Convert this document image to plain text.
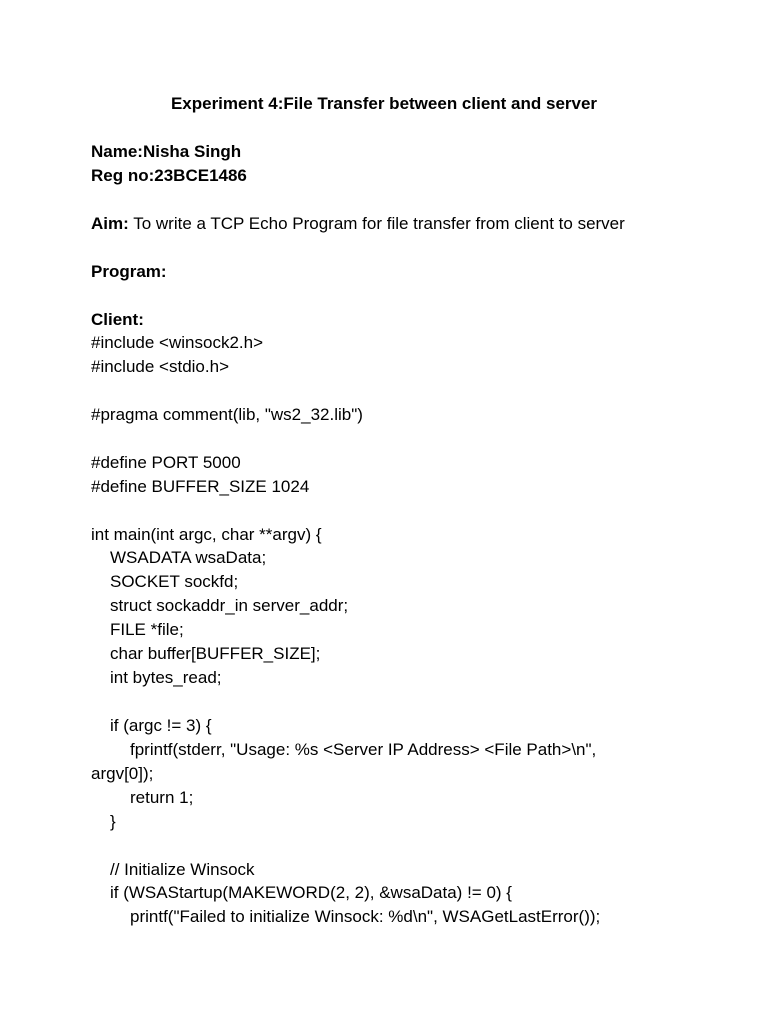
Experiment 4:File Transfer between client and server
Name:Nisha Singh
Reg no:23BCE1486
Aim: To write a TCP Echo Program for file transfer from client to server
Program:
Client:
#include <winsock2.h>
#include <stdio.h>
#pragma comment(lib, "ws2_32.lib")
#define PORT 5000
#define BUFFER_SIZE 1024
int main(int argc, char **argv) {
WSADATA wsaData;
SOCKET sockfd;
struct sockaddr_in server_addr;
FILE *file;
char buffer[BUFFER_SIZE];
int bytes_read;
if (argc != 3) {
fprintf(stderr, "Usage: %s <Server IP Address> <File Path>\n",
argv[0]);
return 1;
}
// Initialize Winsock
if (WSAStartup(MAKEWORD(2, 2), &wsaData) != 0) {
printf("Failed to initialize Winsock: %d\n", WSAGetLastError());
